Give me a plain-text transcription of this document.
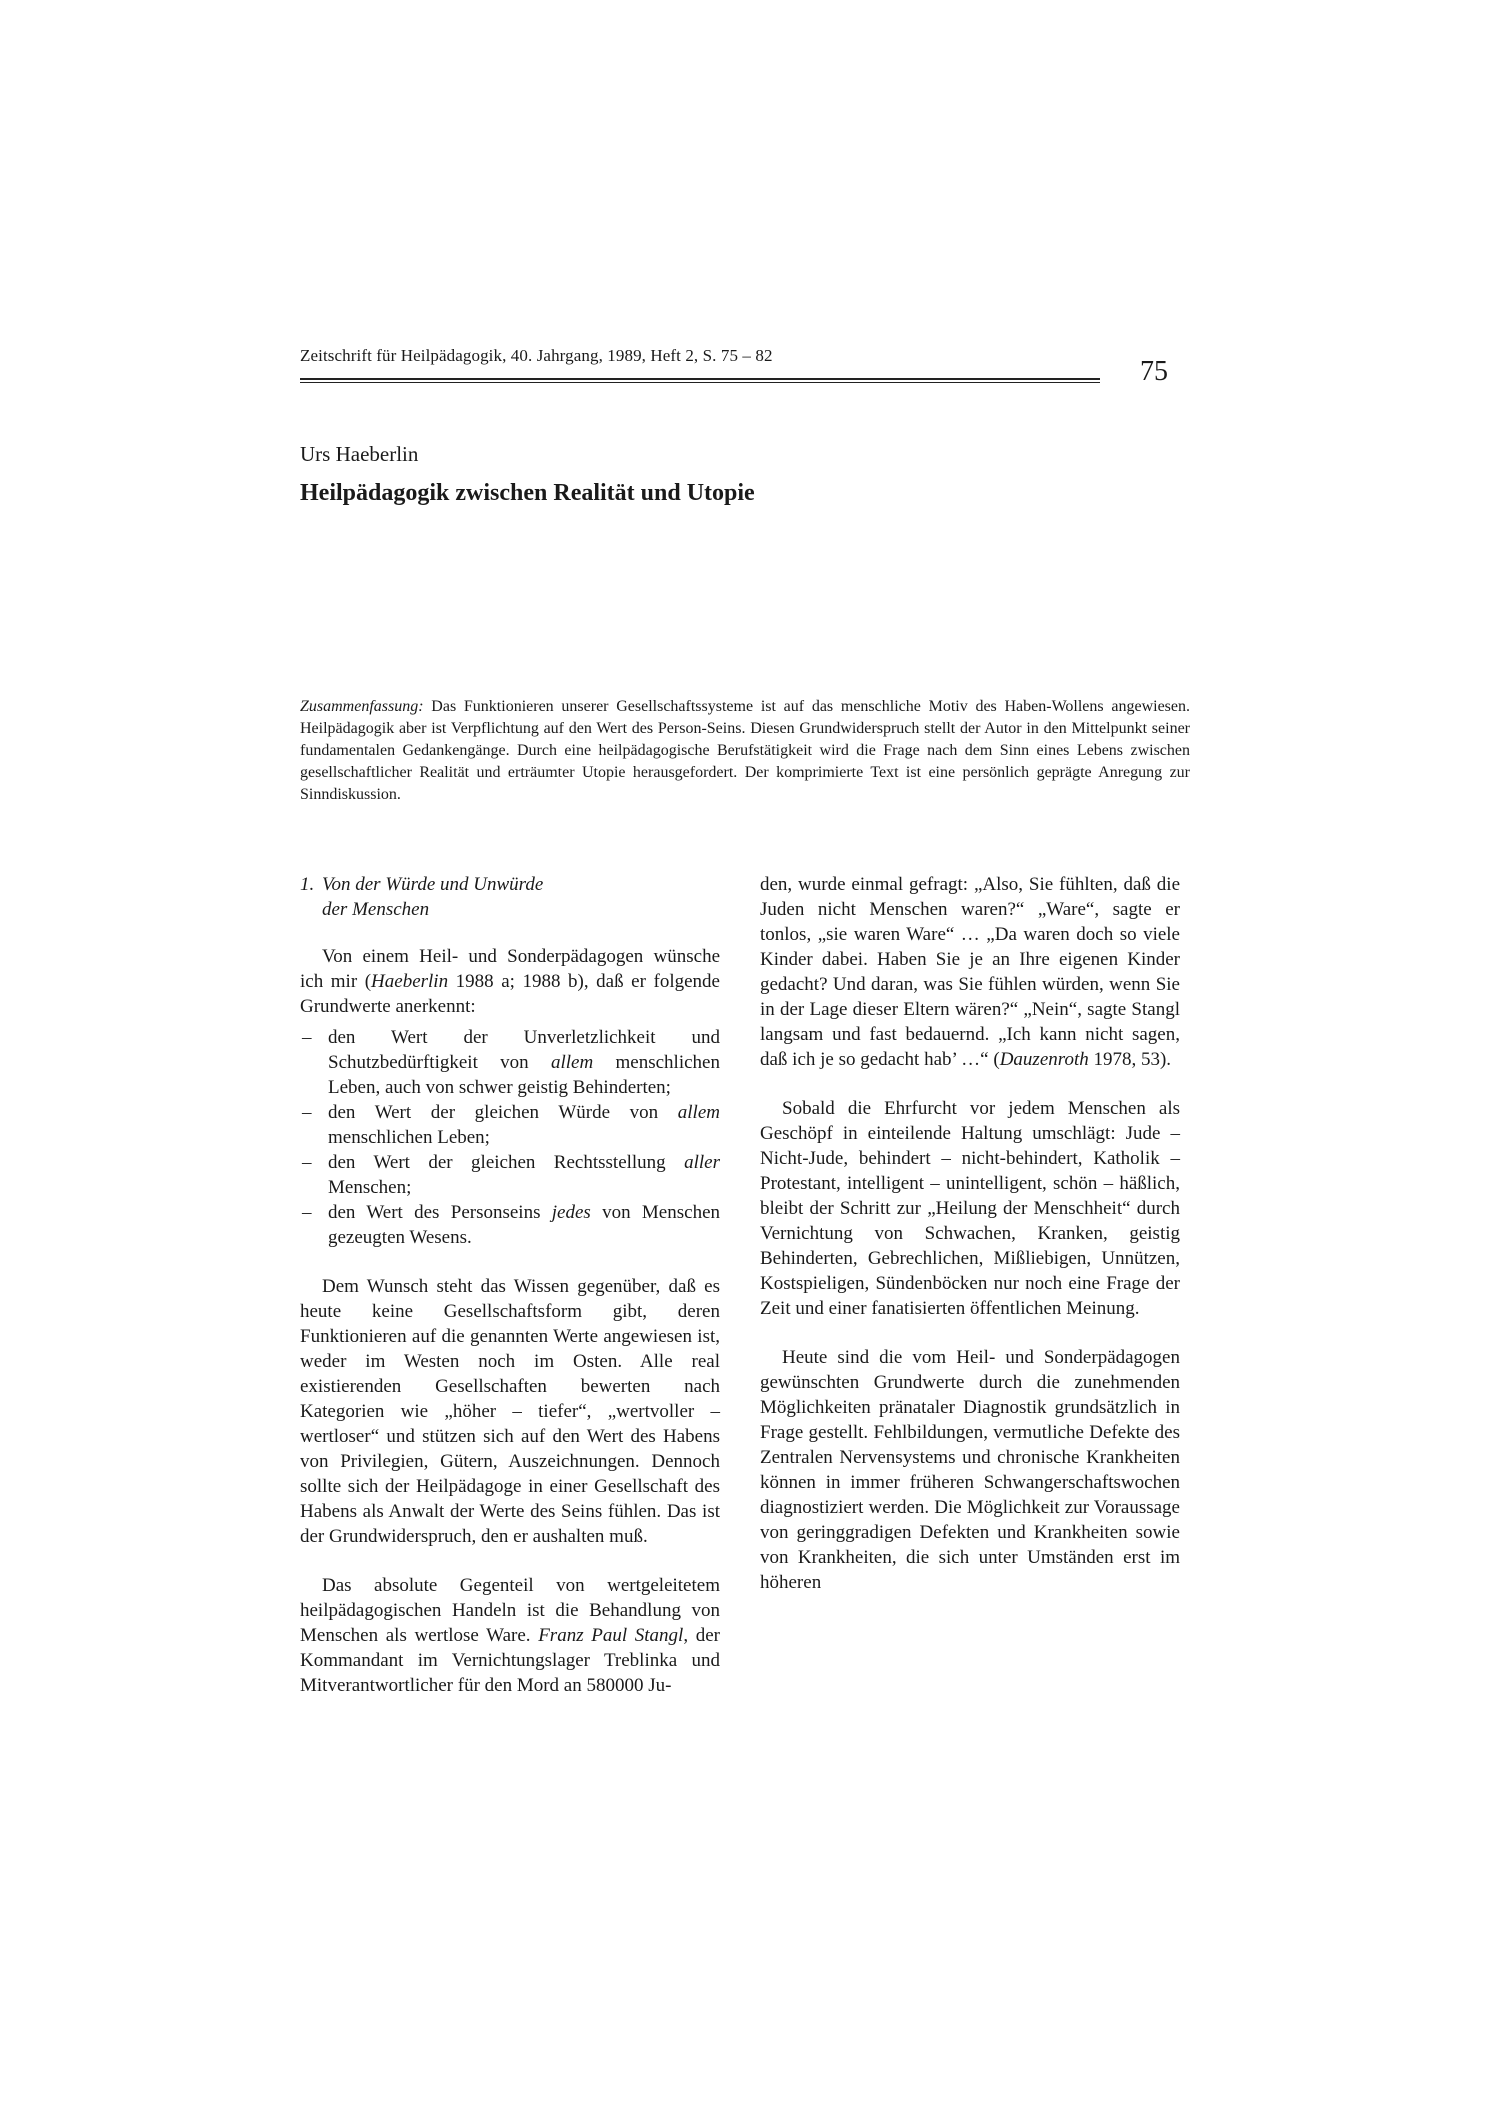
Zeitschrift für Heilpädagogik, 40. Jahrgang, 1989, Heft 2, S. 75 – 82
75
Urs Haeberlin
Heilpädagogik zwischen Realität und Utopie
Zusammenfassung: Das Funktionieren unserer Gesellschaftssysteme ist auf das menschliche Motiv des Haben-Wollens angewiesen. Heilpädagogik aber ist Verpflichtung auf den Wert des Person-Seins. Diesen Grundwiderspruch stellt der Autor in den Mittelpunkt seiner fundamentalen Gedankengänge. Durch eine heilpädagogische Berufstätigkeit wird die Frage nach dem Sinn eines Lebens zwischen gesellschaftlicher Realität und erträumter Utopie herausgefordert. Der komprimierte Text ist eine persönlich geprägte Anregung zur Sinndiskussion.
1. Von der Würde und Unwürde
der Menschen

Von einem Heil- und Sonderpädagogen wünsche ich mir (Haeberlin 1988 a; 1988 b), daß er folgende Grundwerte anerkennt:

– den Wert der Unverletzlichkeit und Schutzbedürftigkeit von allem menschlichen Leben, auch von schwer geistig Behinderten;
– den Wert der gleichen Würde von allem menschlichen Leben;
– den Wert der gleichen Rechtsstellung aller Menschen;
– den Wert des Personseins jedes von Menschen gezeugten Wesens.

Dem Wunsch steht das Wissen gegenüber, daß es heute keine Gesellschaftsform gibt, deren Funktionieren auf die genannten Werte angewiesen ist, weder im Westen noch im Osten. Alle real existierenden Gesellschaften bewerten nach Kategorien wie „höher – tiefer“, „wertvoller – wertloser“ und stützen sich auf den Wert des Habens von Privilegien, Gütern, Auszeichnungen. Dennoch sollte sich der Heilpädagoge in einer Gesellschaft des Habens als Anwalt der Werte des Seins fühlen. Das ist der Grundwiderspruch, den er aushalten muß.

Das absolute Gegenteil von wertgeleitetem heilpädagogischen Handeln ist die Behandlung von Menschen als wertlose Ware. Franz Paul Stangl, der Kommandant im Vernichtungslager Treblinka und Mitverantwortlicher für den Mord an 580000 Ju-

den, wurde einmal gefragt: „Also, Sie fühlten, daß die Juden nicht Menschen waren?“ „Ware“, sagte er tonlos, „sie waren Ware“ … „Da waren doch so viele Kinder dabei. Haben Sie je an Ihre eigenen Kinder gedacht? Und daran, was Sie fühlen würden, wenn Sie in der Lage dieser Eltern wären?“ „Nein“, sagte Stangl langsam und fast bedauernd. „Ich kann nicht sagen, daß ich je so gedacht hab’ …“ (Dauzenroth 1978, 53).

Sobald die Ehrfurcht vor jedem Menschen als Geschöpf in einteilende Haltung umschlägt: Jude – Nicht-Jude, behindert – nicht-behindert, Katholik – Protestant, intelligent – unintelligent, schön – häßlich, bleibt der Schritt zur „Heilung der Menschheit“ durch Vernichtung von Schwachen, Kranken, geistig Behinderten, Gebrechlichen, Mißliebigen, Unnützen, Kostspieligen, Sündenböcken nur noch eine Frage der Zeit und einer fanatisierten öffentlichen Meinung.

Heute sind die vom Heil- und Sonderpädagogen gewünschten Grundwerte durch die zunehmenden Möglichkeiten pränataler Diagnostik grundsätzlich in Frage gestellt. Fehlbildungen, vermutliche Defekte des Zentralen Nervensystems und chronische Krankheiten können in immer früheren Schwangerschaftswochen diagnostiziert werden. Die Möglichkeit zur Voraussage von geringgradigen Defekten und Krankheiten sowie von Krankheiten, die sich unter Umständen erst im höheren
